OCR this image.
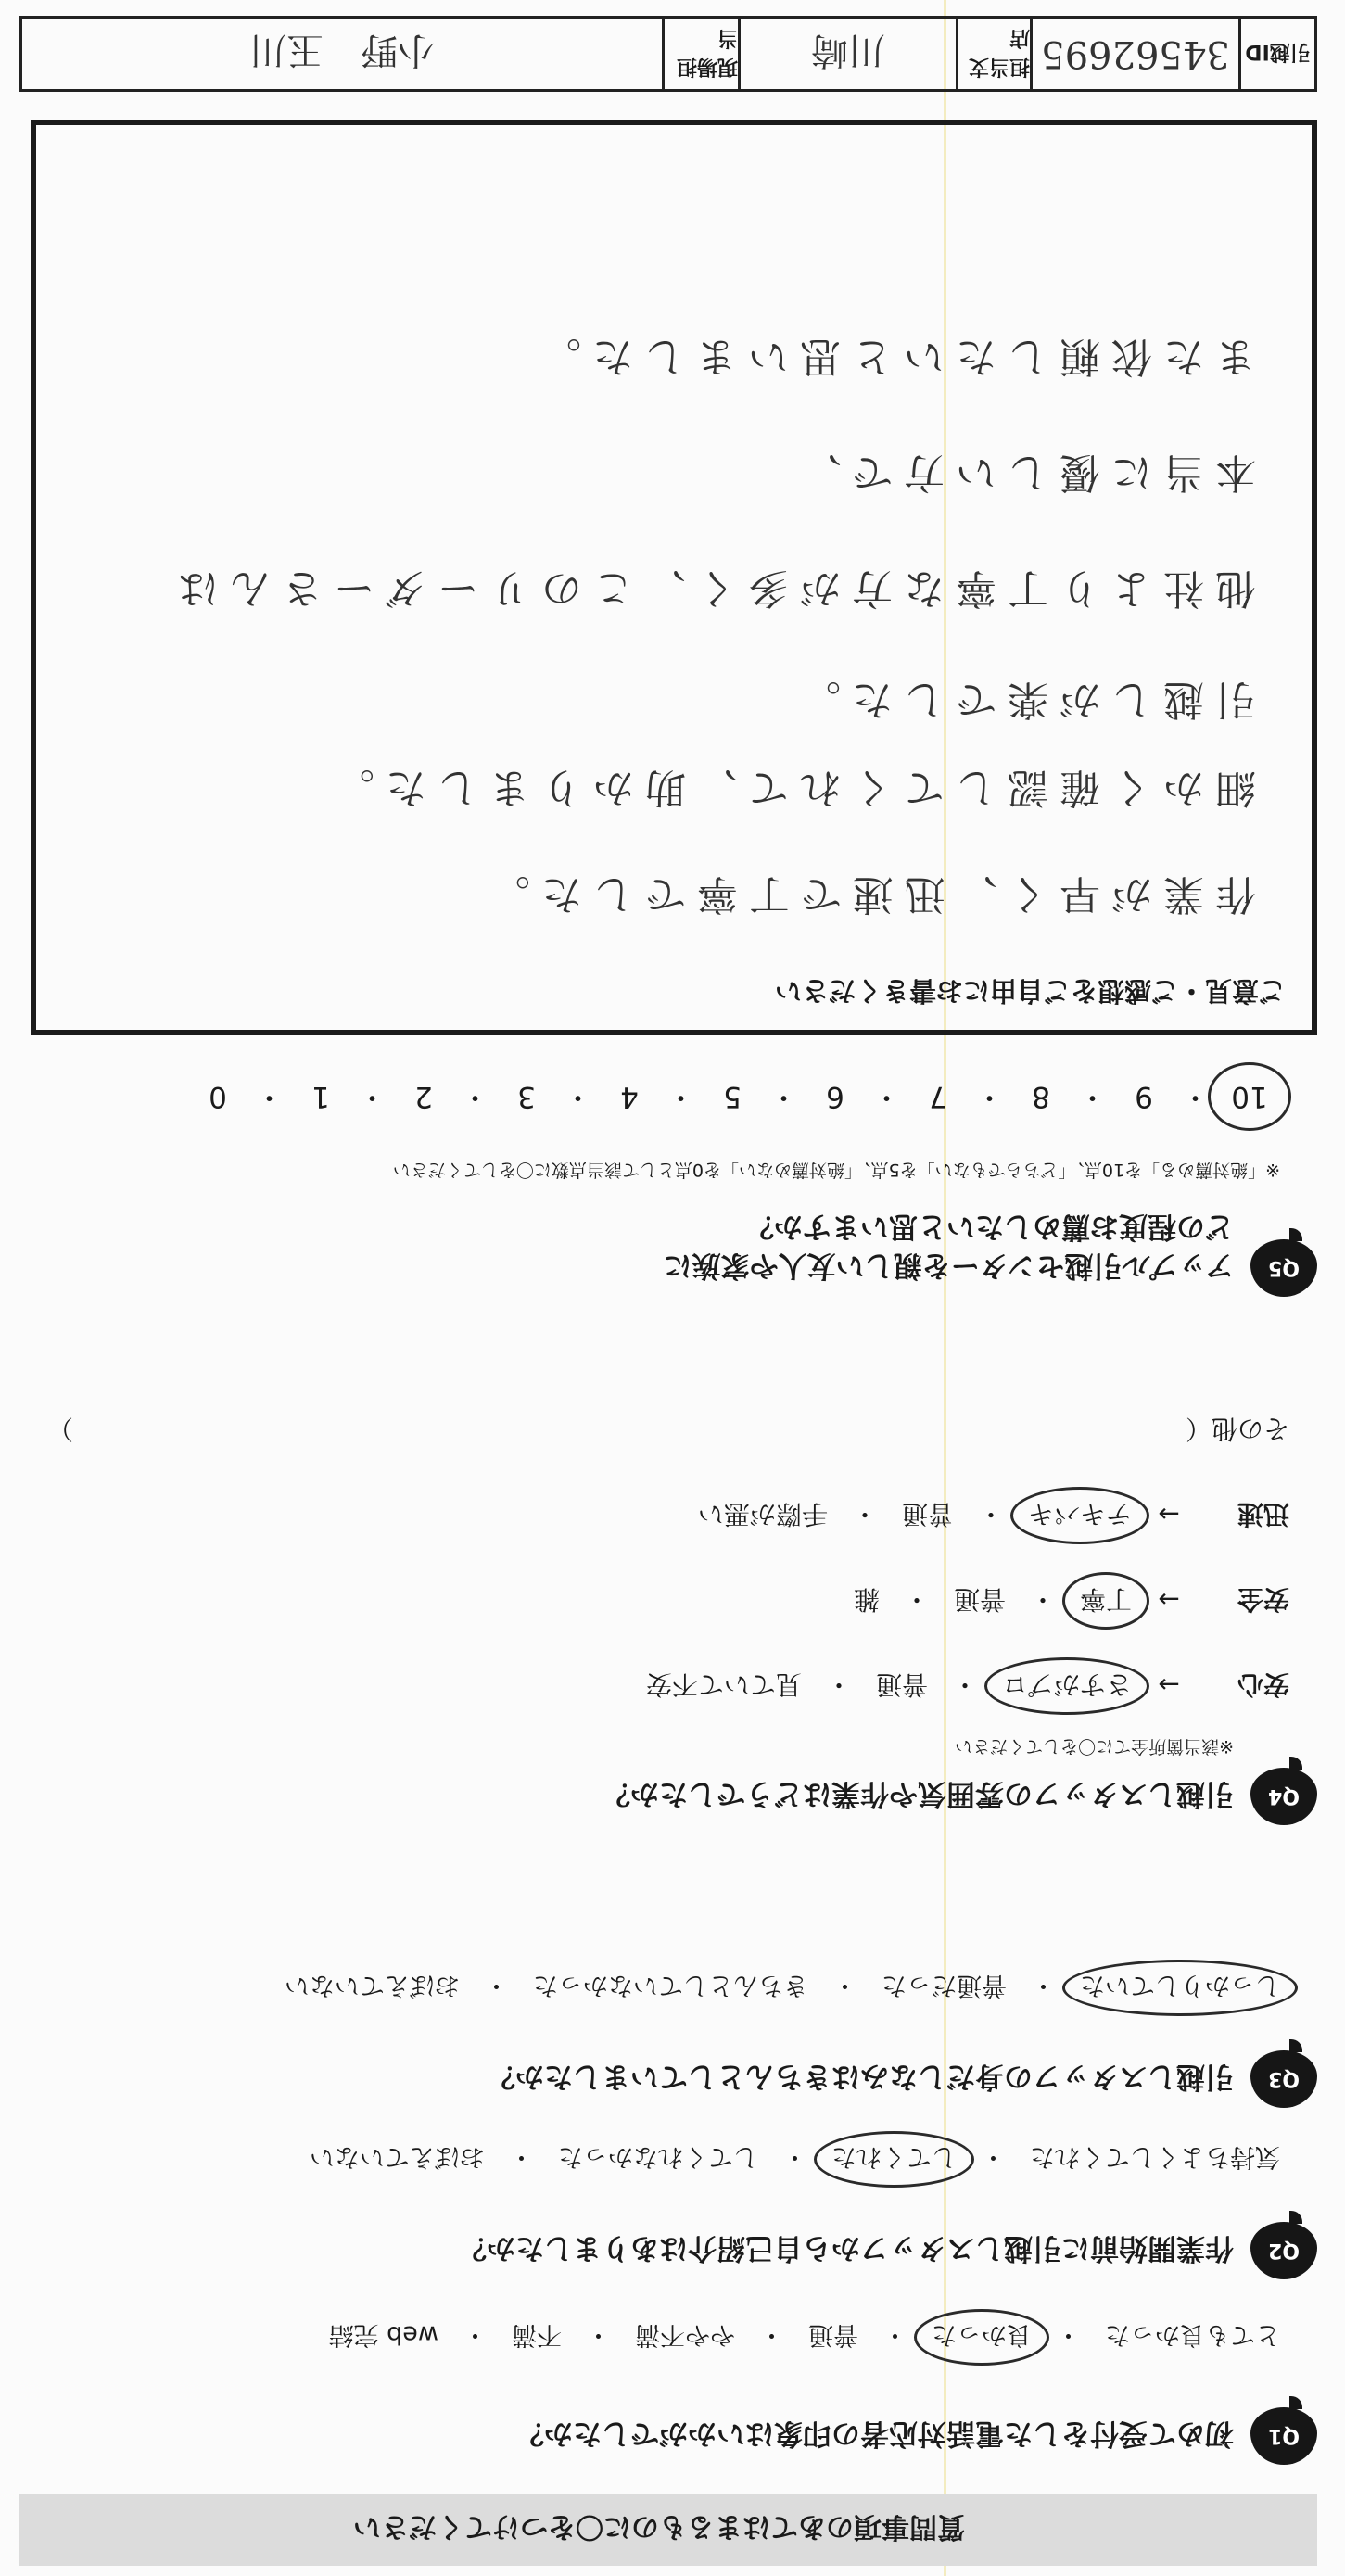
質問事項のあてはまるものに〇をつけてください
Q1
初めて受付をした電話対応者の印象はいかがでしたか？
とても良かった・良かった・普通・やや不満・不満・web 完結
Q2
作業開始前に引越しスタッフから自己紹介はありましたか？
気持ちよくしてくれた・してくれた・してくれなかった・おぼえていない
Q3
引越しスタッフの身だしなみはきちんとしていましたか？
しっかりしていた・普通だった・きちんとしていなかった・おぼえていない
Q4
引越しスタッフの雰囲気や作業はどうでしたか？
※該当箇所全てに〇をしてください
安心→さすがプロ・普通・見ていて不安
安全→丁寧・普通・雑
迅速→テキパキ・普通・手際が悪い
その他（
）
Q5
アップル引越センターを親しい友人や家族に
どの程度お薦めしたいと思いますか？
※「絶対薦める」を10点、「どちらでもない」を5点、「絶対薦めない」を0点として該当点数に〇をしてください
10・9・8・7・6・5・4・3・2・1・0
ご意見・ご感想をご自由にお書きください
作業が早く、迅速で丁寧でした。
細かく確認してくれて、助かりました。
引越しが楽でした。
他社より丁寧な方が多く、このリーダーさんは
本当に優しい方で、
また依頼したいと思いました。
引越ID
34562695
担当支店
川崎
現場担当
小野　玉川
